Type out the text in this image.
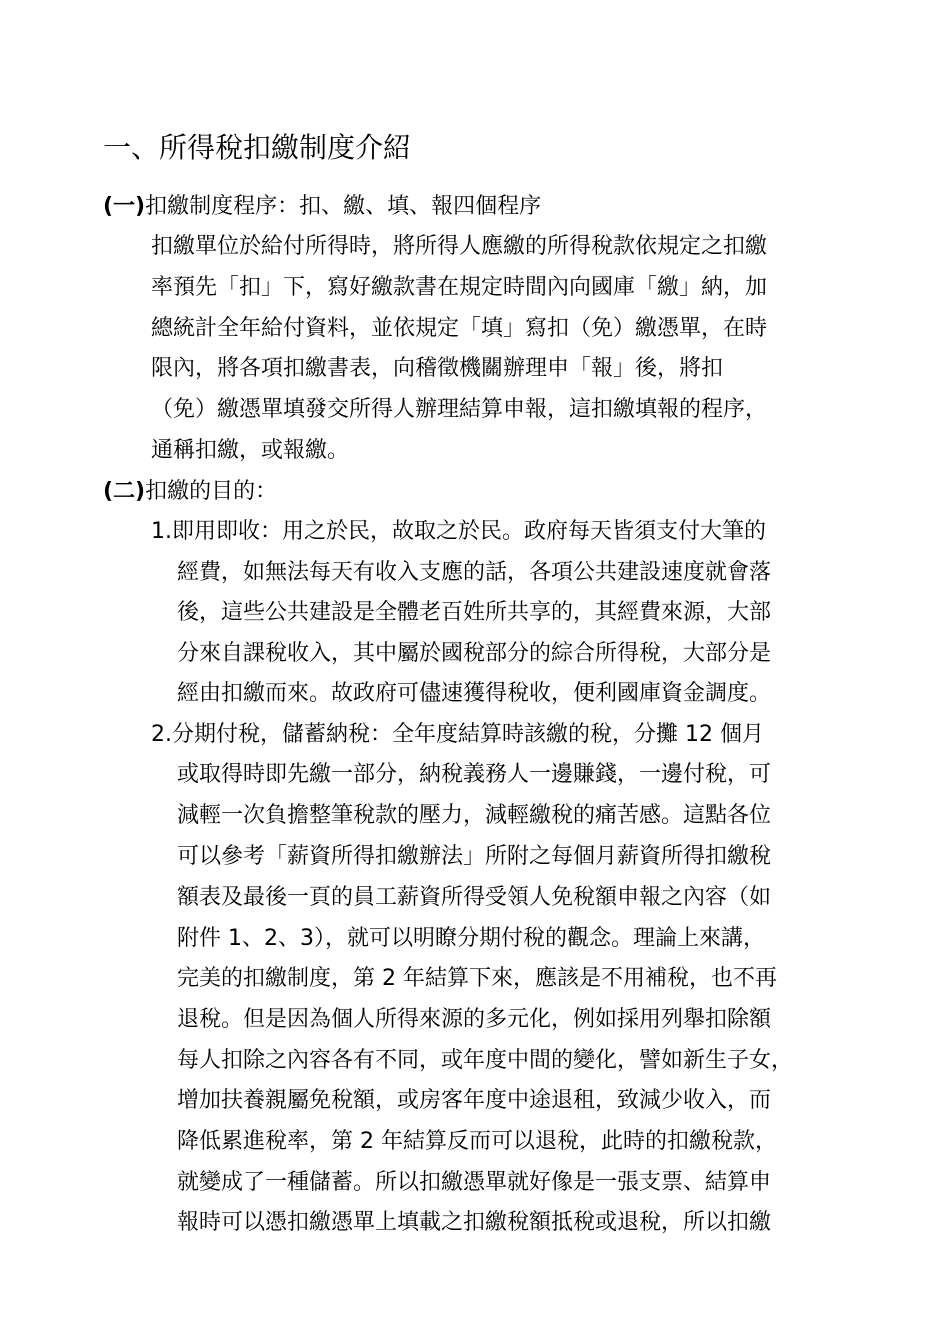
一、所得稅扣繳制度介紹
(一)扣繳制度程序：扣、繳、填、報四個程序
扣繳單位於給付所得時，將所得人應繳的所得稅款依規定之扣繳
率預先「扣」下，寫好繳款書在規定時間內向國庫「繳」納，加
總統計全年給付資料，並依規定「填」寫扣（免）繳憑單，在時
限內，將各項扣繳書表，向稽徵機關辦理申「報」後，將扣
（免）繳憑單填發交所得人辦理結算申報，這扣繳填報的程序，
通稱扣繳，或報繳。
(二)扣繳的目的：
1.即用即收：用之於民，故取之於民。政府每天皆須支付大筆的
經費，如無法每天有收入支應的話，各項公共建設速度就會落
後，這些公共建設是全體老百姓所共享的，其經費來源，大部
分來自課稅收入，其中屬於國稅部分的綜合所得稅，大部分是
經由扣繳而來。故政府可儘速獲得稅收，便利國庫資金調度。
2.分期付稅，儲蓄納稅：全年度結算時該繳的稅，分攤 12 個月
或取得時即先繳一部分，納稅義務人一邊賺錢，一邊付稅，可
減輕一次負擔整筆稅款的壓力，減輕繳稅的痛苦感。這點各位
可以參考「薪資所得扣繳辦法」所附之每個月薪資所得扣繳稅
額表及最後一頁的員工薪資所得受領人免稅額申報之內容（如
附件 1、2、3），就可以明瞭分期付稅的觀念。理論上來講，
完美的扣繳制度，第 2 年結算下來，應該是不用補稅，也不再
退稅。但是因為個人所得來源的多元化，例如採用列舉扣除額
每人扣除之內容各有不同，或年度中間的變化，譬如新生子女，
增加扶養親屬免稅額，或房客年度中途退租，致減少收入，而
降低累進稅率，第 2 年結算反而可以退稅，此時的扣繳稅款，
就變成了一種儲蓄。所以扣繳憑單就好像是一張支票、結算申
報時可以憑扣繳憑單上填載之扣繳稅額抵稅或退稅，所以扣繳
